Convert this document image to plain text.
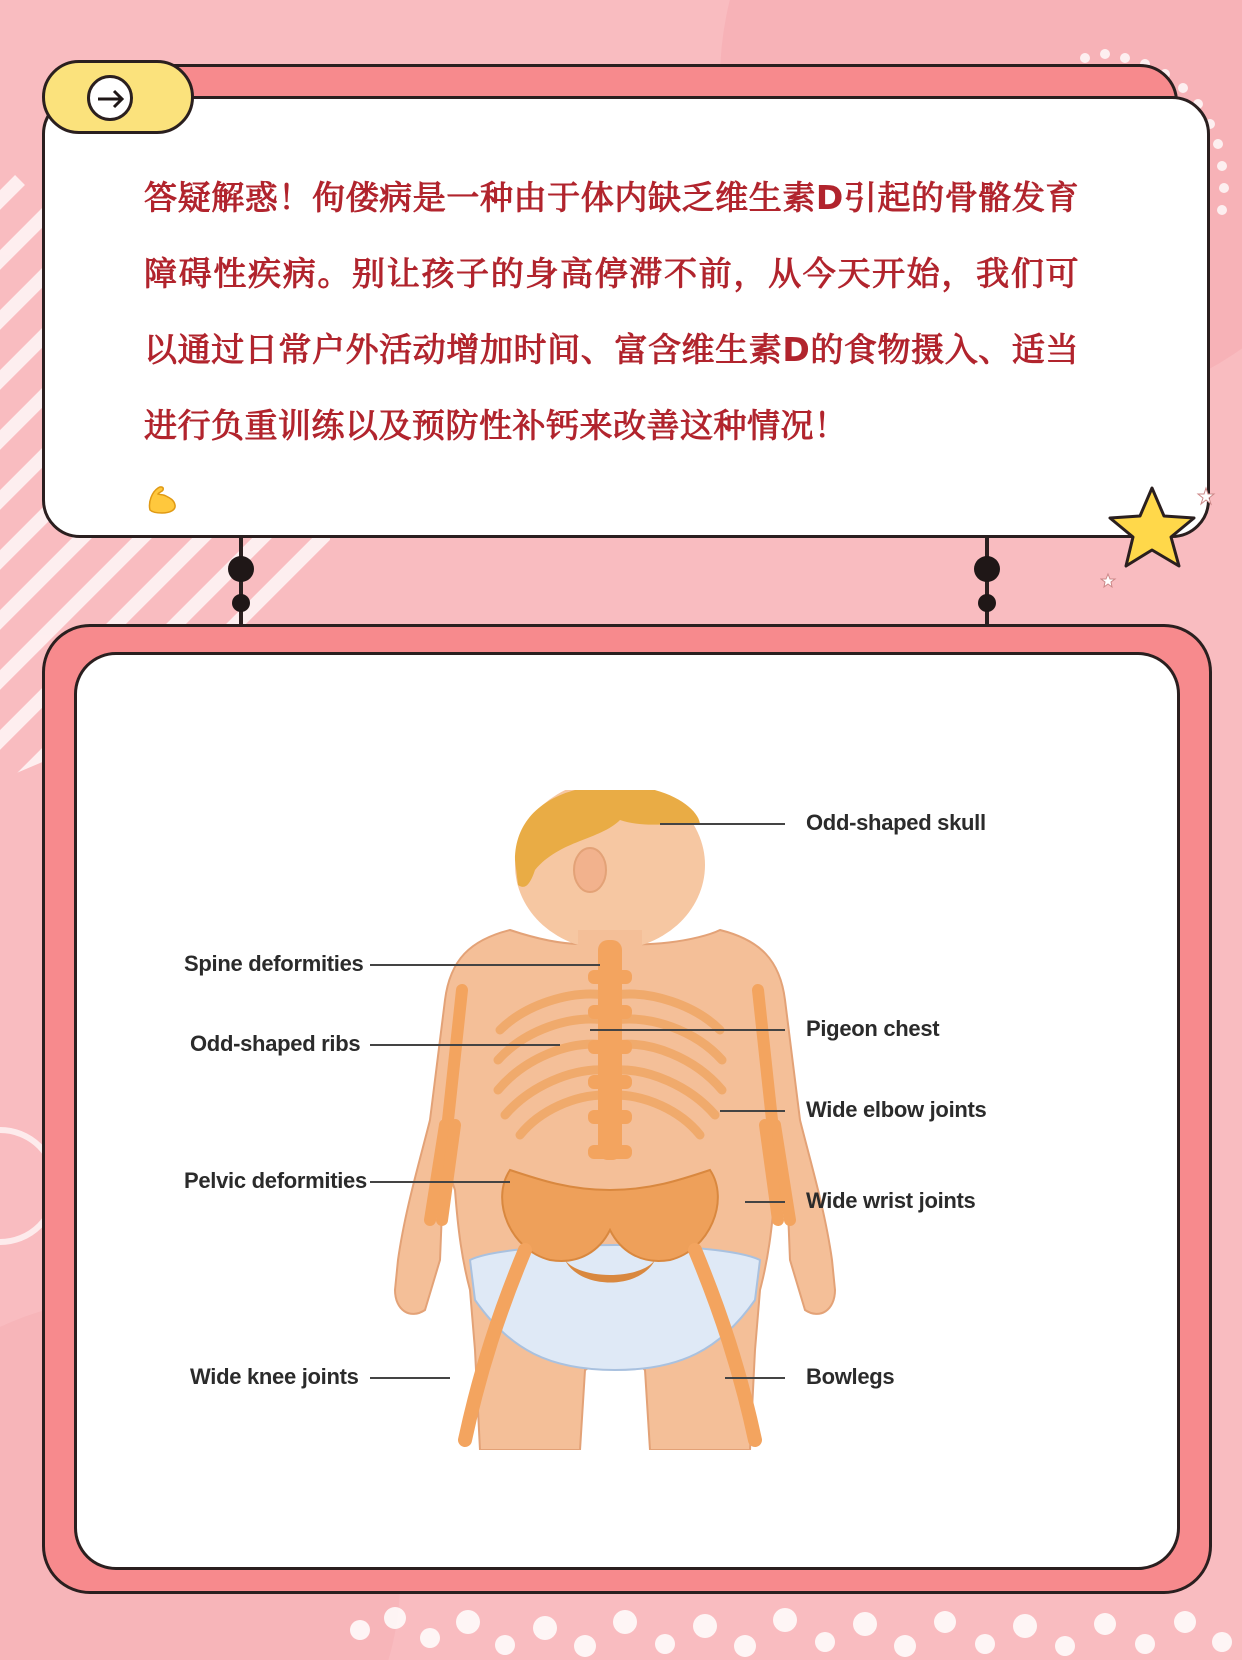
答疑解惑！佝偻病是一种由于体内缺乏维生素D引起的骨骼发育障碍性疾病。别让孩子的身高停滞不前，从今天开始，我们可以通过日常户外活动增加时间、富含维生素D的食物摄入、适当进行负重训练以及预防性补钙来改善这种情况！
Odd-shaped skull
Spine deformities
Odd-shaped ribs
Pigeon chest
Wide elbow joints
Pelvic deformities
Wide wrist joints
Wide knee joints	Bowlegs
